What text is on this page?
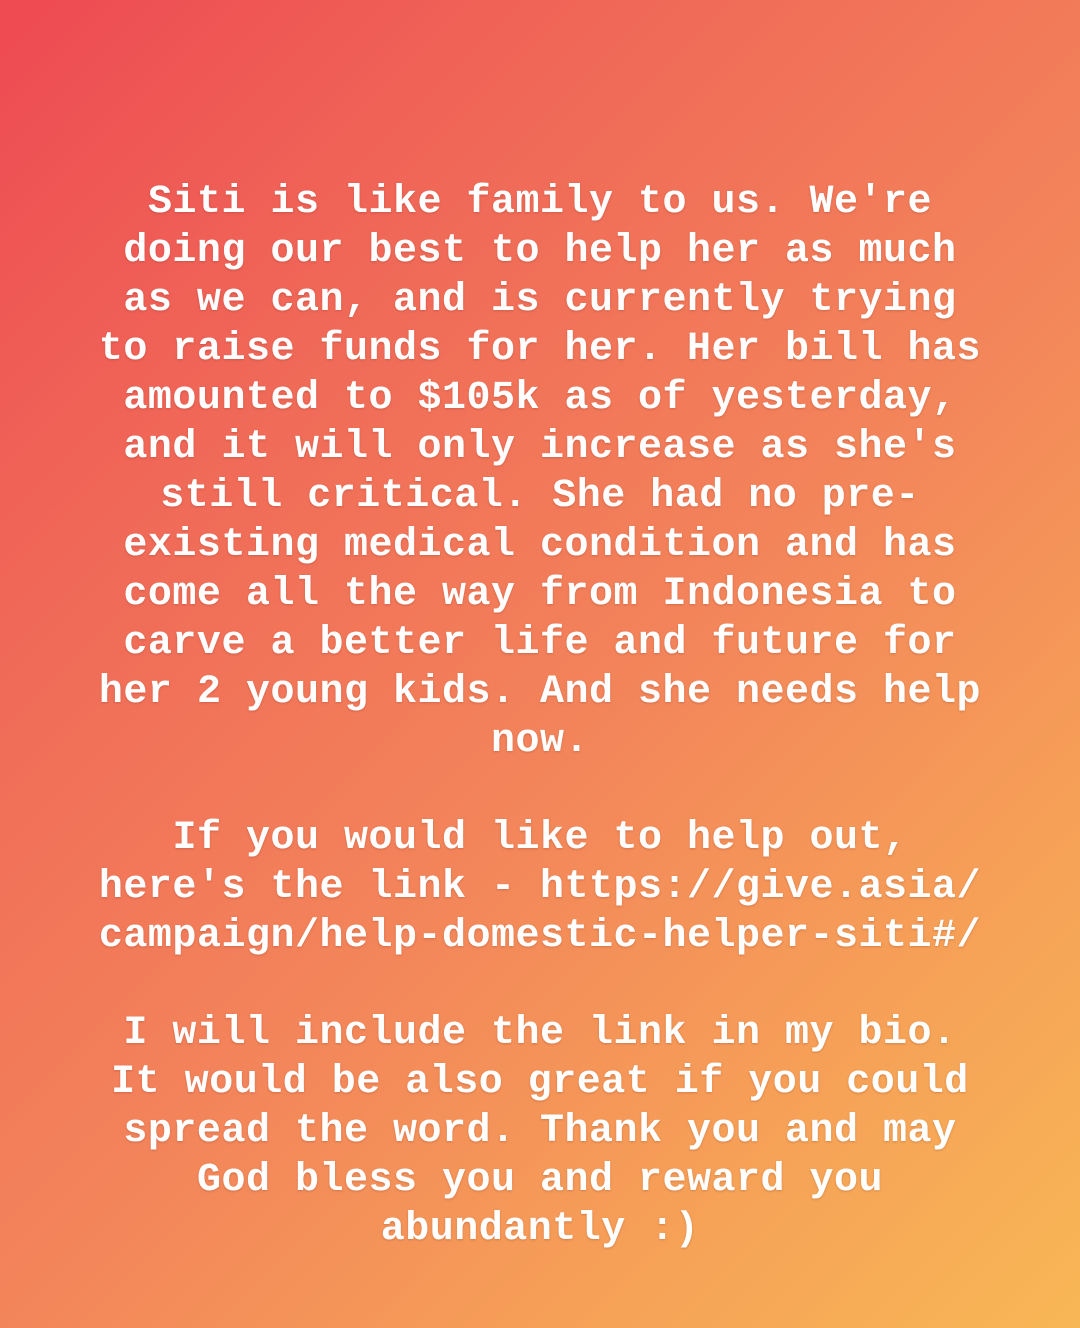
Siti is like family to us. We're
doing our best to help her as much
as we can, and is currently trying
to raise funds for her. Her bill has
amounted to $105k as of yesterday,
and it will only increase as she's
still critical. She had no pre-
existing medical condition and has
come all the way from Indonesia to
carve a better life and future for
her 2 young kids. And she needs help
now.

If you would like to help out,
here's the link - https://give.asia/
campaign/help-domestic-helper-siti#/

I will include the link in my bio.
It would be also great if you could
spread the word. Thank you and may
God bless you and reward you
abundantly :)
